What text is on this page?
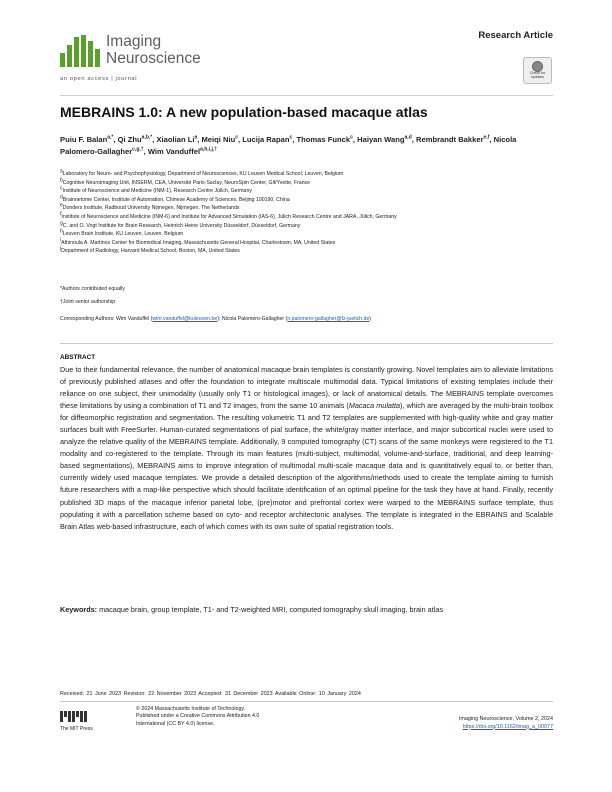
Imaging
Neuroscience
an open access | journal
Research Article
Check for updates
MEBRAINS 1.0: A new population-based macaque atlas
Puiu F. Balan$^{a,*}$, Qi Zhu$^{a,b,*}$, Xiaolian Li$^a$, Meiqi Niu$^c$, Lucija Rapan$^c$, Thomas Funck$^c$, Haiyan Wang$^{a,d}$, Rembrandt Bakker$^{e,f}$, Nicola Palomero-Gallagher$^{c,g,\dagger}$, Wim Vanduffel$^{a,h,i,j,\dagger}$
$^a$Laboratory for Neuro- and Psychophysiology, Department of Neurosciences, KU Leuven Medical School, Leuven, Belgium
$^b$Cognitive Neuroimaging Unit, INSERM, CEA, Université Paris-Saclay, NeuroSpin Center, Gif/Yvette, France
$^c$Institute of Neuroscience and Medicine (INM-1), Research Centre Jülich, Germany
$^d$Brainnetome Center, Institute of Automation, Chinese Academy of Sciences, Beijing 100190, China
$^e$Donders Institute, Radboud University Nijmegen, Nijmegen, The Netherlands
$^f$Institute of Neuroscience and Medicine (INM-6) and Institute for Advanced Simulation (IAS-6), Jülich Research Centre and JARA, Jülich, Germany
$^g$C. and O. Vogt Institute for Brain Research, Heinrich Heine University Düsseldorf, Düsseldorf, Germany
$^h$Leuven Brain Institute, KU Leuven, Leuven, Belgium
$^i$Athinoula A. Martinos Center for Biomedical Imaging, Massachusetts General Hospital, Charlestown, MA, United States
$^j$Department of Radiology, Harvard Medical School, Boston, MA, United States
*Authors contributed equally
†Joint senior authorship
Corresponding Authors: Wim Vanduffel (wim.vanduffel@kuleuven.be); Nicola Palomero-Gallagher (n.palomero-gallagher@fz-juelich.de)
ABSTRACT
Due to their fundamental relevance, the number of anatomical macaque brain templates is constantly growing. Novel templates aim to alleviate limitations of previously published atlases and offer the foundation to integrate multiscale multimodal data. Typical limitations of existing templates include their reliance on one subject, their unimodality (usually only T1 or histological images), or lack of anatomical details. The MEBRAINS template overcomes these limitations by using a combination of T1 and T2 images, from the same 10 animals (Macaca mulatta), which are averaged by the multi-brain toolbox for diffeomorphic registration and segmentation. The resulting volumetric T1 and T2 templates are supplemented with high-quality white and gray matter surfaces built with FreeSurfer. Human-curated segmentations of pial surface, the white/gray matter interface, and major subcortical nuclei were used to analyze the relative quality of the MEBRAINS template. Additionally, 9 computed tomography (CT) scans of the same monkeys were registered to the T1 modality and co-registered to the template. Through its main features (multi-subject, multimodal, volume-and-surface, traditional, and deep learning-based segmentations), MEBRAINS aims to improve integration of multimodal multi-scale macaque data and is quantitatively equal to, or better than, currently widely used macaque templates. We provide a detailed description of the algorithms/methods used to create the template aiming to furnish future researchers with a map-like perspective which should facilitate identification of an optimal pipeline for the task they have at hand. Finally, recently published 3D maps of the macaque inferior parietal lobe, (pre)motor and prefrontal cortex were warped to the MEBRAINS surface template, thus populating it with a parcellation scheme based on cyto- and receptor architectonic analyses. The template is integrated in the EBRAINS and Scalable Brain Atlas web-based infrastructure, each of which comes with its own suite of spatial registration tools.
Keywords: macaque brain, group template, T1- and T2-weighted MRI, computed tomography skull imaging, brain atlas
Received: 21 June 2023 Revision: 22 November 2023 Accepted: 31 December 2023 Available Online: 10 January 2024
The MIT Press
© 2024 Massachusetts Institute of Technology.
Published under a Creative Commons Attribution 4.0
International (CC BY 4.0) license.
Imaging Neuroscience, Volume 2, 2024
https://doi.org/10.1162/imag_a_00077
